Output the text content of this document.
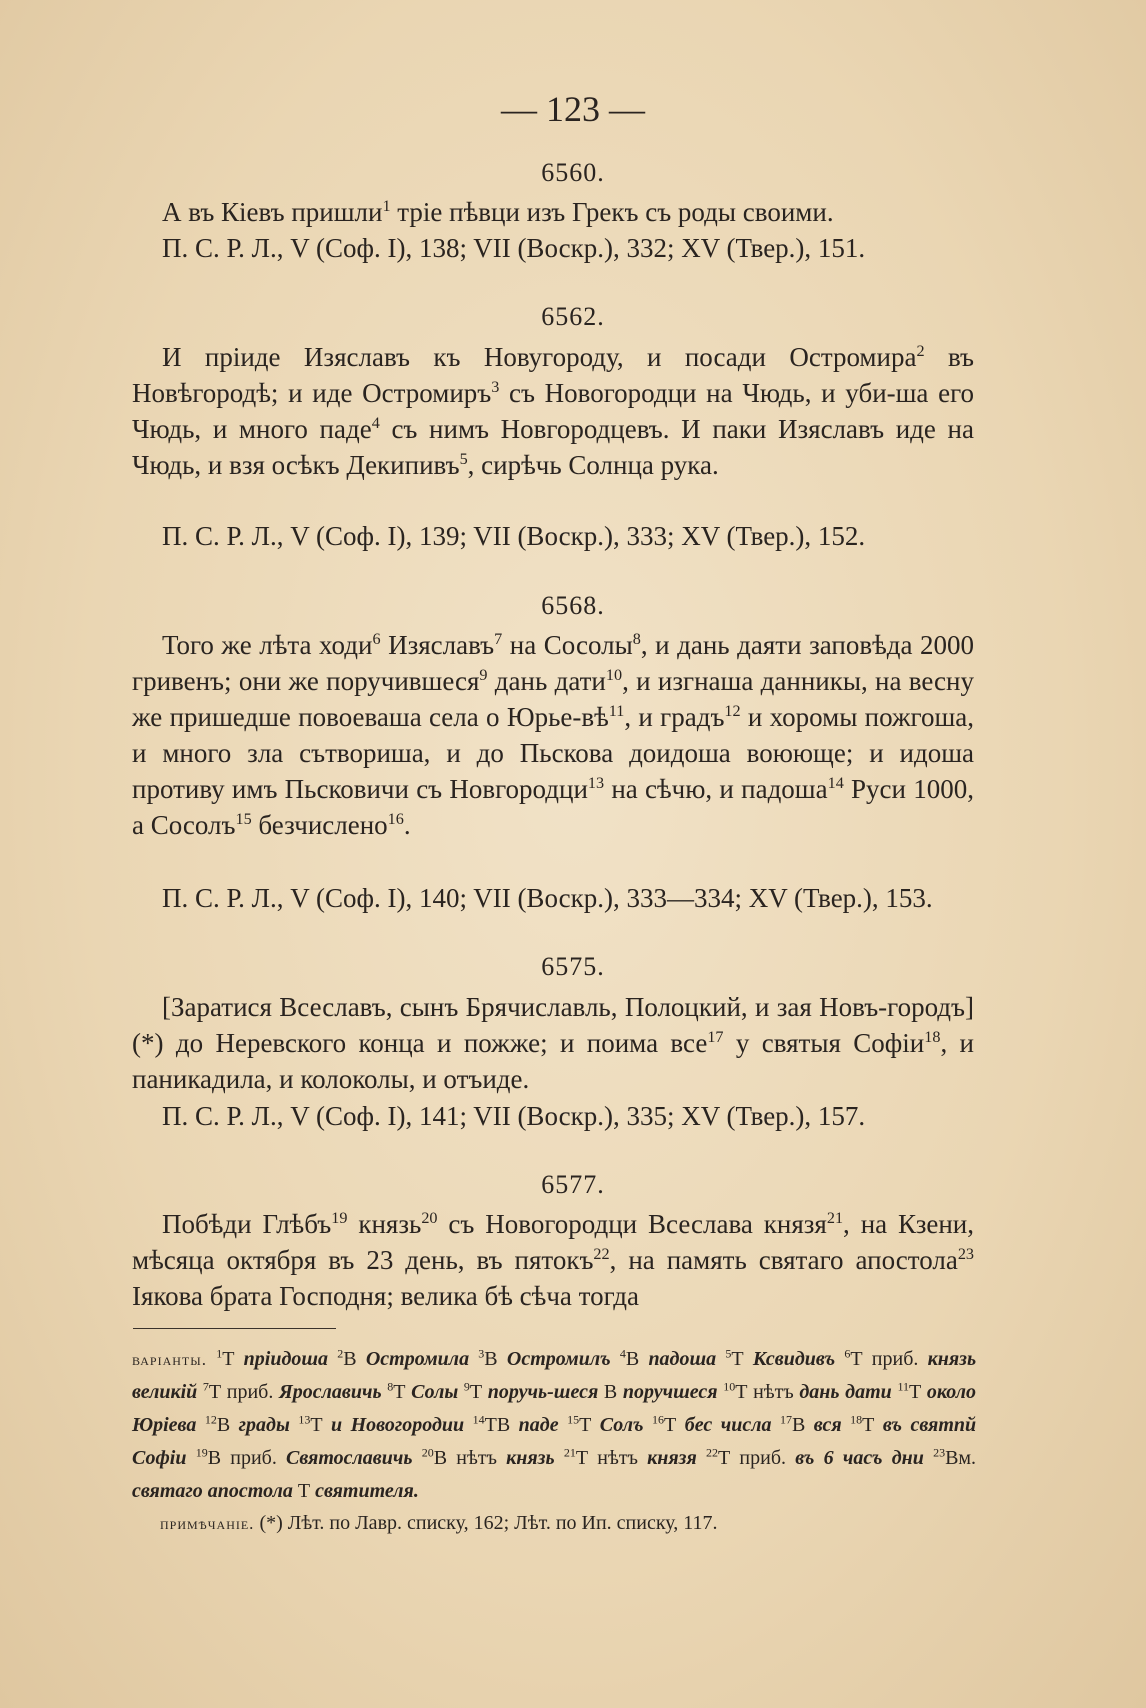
— 123 —
6560.

А въ Кіевъ пришли$^1$ тріе пѣвци изъ Грекъ съ роды своими.

П. С. Р. Л., V (Соф. I), 138; VII (Воскр.), 332; XV (Твер.), 151.

6562.

И пріиде Изяславъ къ Новугороду, и посади Остромира$^2$ въ Новѣгородѣ; и иде Остромиръ$^3$ съ Новогородци на Чюдь, и уби-ша его Чюдь, и много паде$^4$ съ нимъ Новгородцевъ. И паки Изяславъ иде на Чюдь, и взя осѣкъ Декипивъ$^5$, сирѣчь Солнца рука.

П. С. Р. Л., V (Соф. I), 139; VII (Воскр.), 333; XV (Твер.), 152.

6568.

Того же лѣта ходи$^6$ Изяславъ$^7$ на Сосолы$^8$, и дань даяти заповѣда 2000 гривенъ; они же поручившеся$^9$ дань дати$^{10}$, и изгнаша данникы, на весну же пришедше повоеваша села о Юрье-$вѣ^{11}$, и градъ$^{12}$ и хоромы пожгоша, и много зла сътвориша, и до Пьскова доидоша воююще; и идоша противу имъ Пьсковичи съ Новгородци$^{13}$ на сѣчю, и падоша$^{14}$ Руси 1000, а Сосолъ$^{15}$ безчислено$^{16}$.

П. С. Р. Л., V (Соф. I), 140; VII (Воскр.), 333—334; XV (Твер.), 153.

6575.

[Заратися Всеславъ, сынъ Брячиславль, Полоцкий, и зая Новъ-городъ] (*) до Неревского конца и пожже; и поима все$^{17}$ у святыя Софіи$^{18}$, и паникадила, и колоколы, и отъиде.

П. С. Р. Л., V (Соф. I), 141; VII (Воскр.), 335; XV (Твер.), 157.

6577.

Побѣди Глѣбъ$^{19}$ князь$^{20}$ съ Новогородци Всеслава князя$^{21}$, на Кзени, мѣсяца октября въ 23 день, въ пятокъ$^{22}$, на память святаго апостола$^{23}$ Іякова брата Господня; велика бѣ сѣча тогда

варіанты. $^1$Т пріидоша $^2$В Остромила $^3$В Остромилъ $^4$В падоша $^5$Т Ксвидивъ $^6$Т приб. князь великій $^7$Т приб. Ярославичь $^8$Т Солы $^9$Т поручь-шеся В поручшеся $^{10}$Т нѣтъ дань дати $^{11}$Т около Юріева $^{12}$В грады $^{13}$Т и Новогородии $^{14}$ТВ паде $^{15}$Т Солъ $^{16}$Т бес числа $^{17}$В вся $^{18}$Т въ святпй Софіи $^{19}$В приб. Святославичь $^{20}$В нѣтъ князь $^{21}$Т нѣтъ князя $^{22}$Т приб. въ 6 часъ дни $^{23}$Вм. святаго апостола Т святителя.

примѣчаніе. (*) Лѣт. по Лавр. списку, 162; Лѣт. по Ип. списку, 117.
